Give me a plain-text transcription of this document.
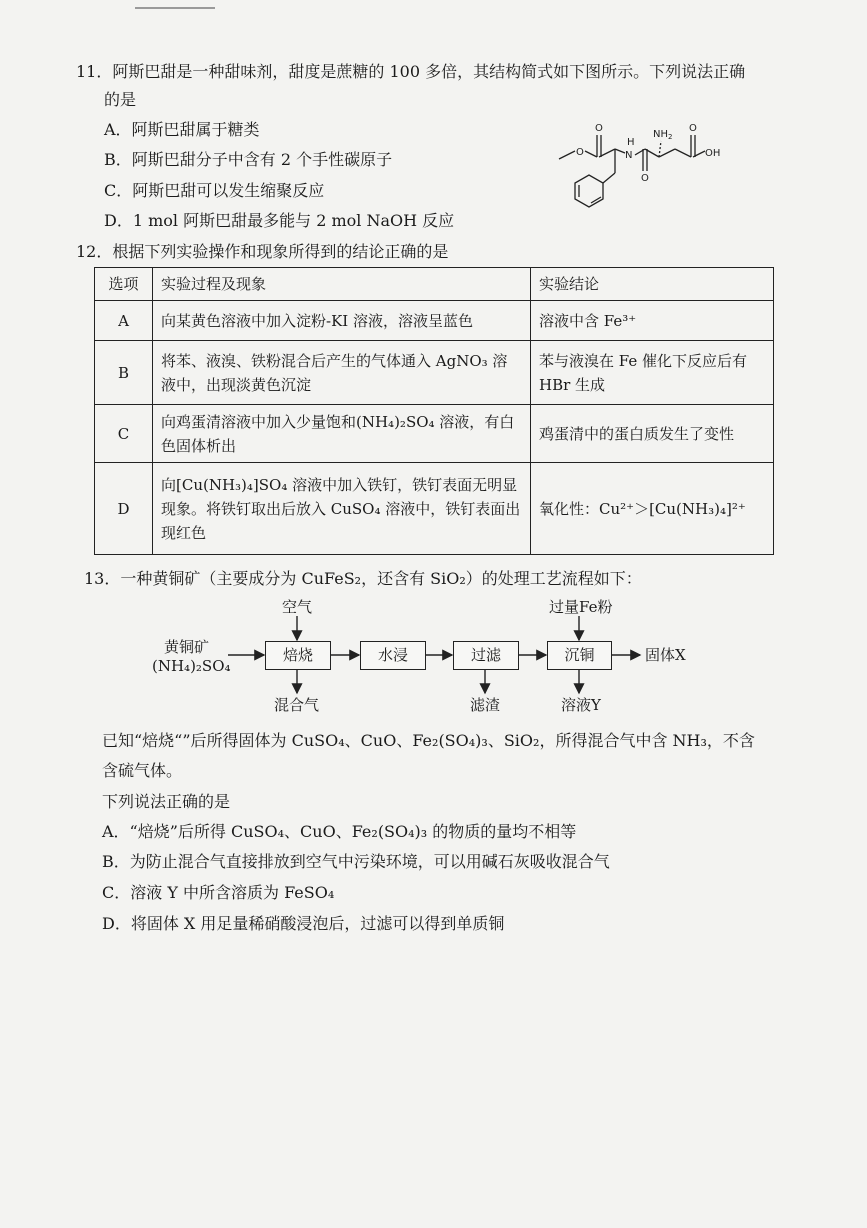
11．阿斯巴甜是一种甜味剂，甜度是蔗糖的 100 多倍，其结构简式如下图所示。下列说法正确
的是
A．阿斯巴甜属于糖类
B．阿斯巴甜分子中含有 2 个手性碳原子
C．阿斯巴甜可以发生缩聚反应
D．1 mol 阿斯巴甜最多能与 2 mol NaOH 反应
O
O
N
H
O
$NH_2$
O
OH
12．根据下列实验操作和现象所得到的结论正确的是
选项	实验过程及现象	实验结论
A	向某黄色溶液中加入淀粉-KI 溶液，溶液呈蓝色	溶液中含 Fe³⁺
B	将苯、液溴、铁粉混合后产生的气体通入 AgNO₃ 溶液中，出现淡黄色沉淀	苯与液溴在 Fe 催化下反应后有 HBr 生成
C	向鸡蛋清溶液中加入少量饱和(NH₄)₂SO₄ 溶液，有白色固体析出	鸡蛋清中的蛋白质发生了变性
D	向[Cu(NH₃)₄]SO₄ 溶液中加入铁钉，铁钉表面无明显现象。将铁钉取出后放入 CuSO₄ 溶液中，铁钉表面出现红色	氧化性：Cu²⁺＞[Cu(NH₃)₄]²⁺
13．一种黄铜矿（主要成分为 CuFeS₂，还含有 SiO₂）的处理工艺流程如下：
黄铜矿
(NH₄)₂SO₄
空气	过量Fe粉
焙烧	水浸	过滤	沉铜	固体X
混合气	滤渣	溶液Y
已知“焙烧“”后所得固体为 CuSO₄、CuO、Fe₂(SO₄)₃、SiO₂，所得混合气中含 NH₃，不含
含硫气体。
下列说法正确的是
A．“焙烧”后所得 CuSO₄、CuO、Fe₂(SO₄)₃ 的物质的量均不相等
B．为防止混合气直接排放到空气中污染环境，可以用碱石灰吸收混合气
C．溶液 Y 中所含溶质为 FeSO₄
D．将固体 X 用足量稀硝酸浸泡后，过滤可以得到单质铜
